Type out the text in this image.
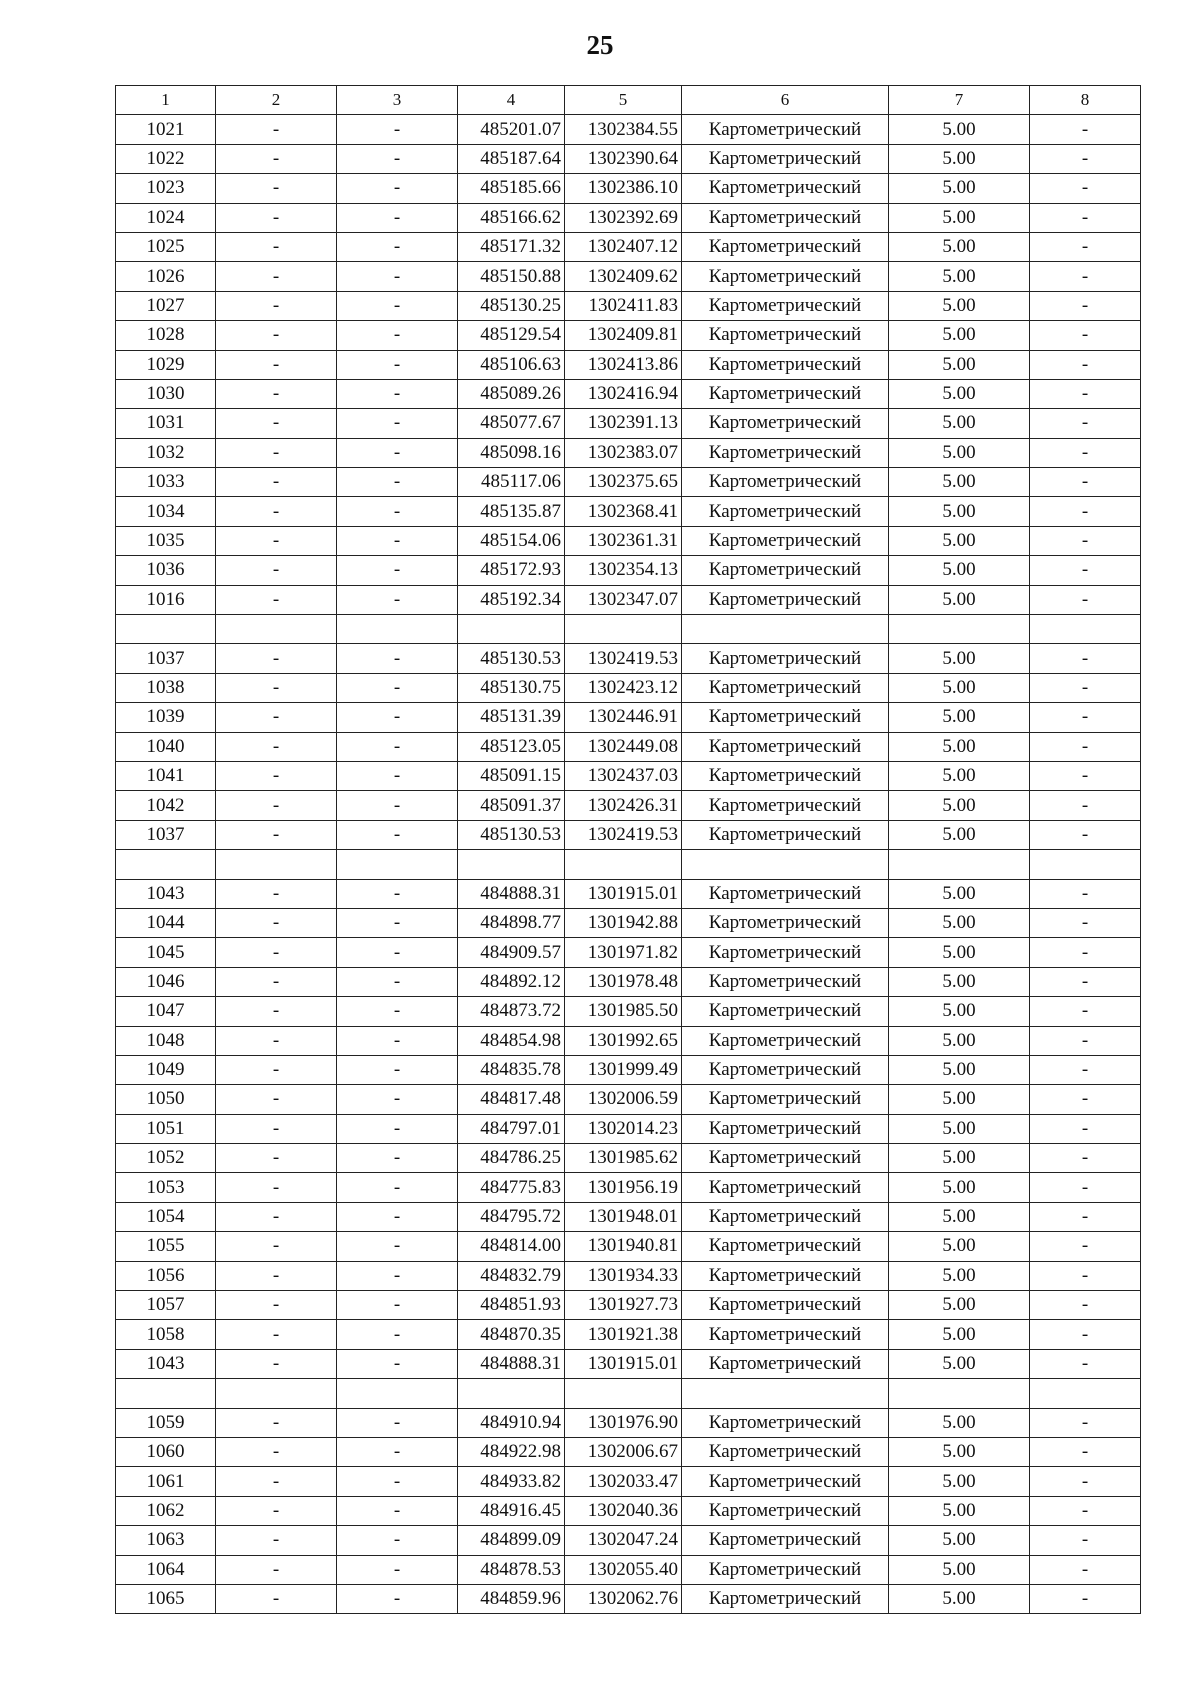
25
1	2	3	4	5	6	7	8
1021	-	-	485201.07	1302384.55	Картометрический	5.00	-
1022	-	-	485187.64	1302390.64	Картометрический	5.00	-
1023	-	-	485185.66	1302386.10	Картометрический	5.00	-
1024	-	-	485166.62	1302392.69	Картометрический	5.00	-
1025	-	-	485171.32	1302407.12	Картометрический	5.00	-
1026	-	-	485150.88	1302409.62	Картометрический	5.00	-
1027	-	-	485130.25	1302411.83	Картометрический	5.00	-
1028	-	-	485129.54	1302409.81	Картометрический	5.00	-
1029	-	-	485106.63	1302413.86	Картометрический	5.00	-
1030	-	-	485089.26	1302416.94	Картометрический	5.00	-
1031	-	-	485077.67	1302391.13	Картометрический	5.00	-
1032	-	-	485098.16	1302383.07	Картометрический	5.00	-
1033	-	-	485117.06	1302375.65	Картометрический	5.00	-
1034	-	-	485135.87	1302368.41	Картометрический	5.00	-
1035	-	-	485154.06	1302361.31	Картометрический	5.00	-
1036	-	-	485172.93	1302354.13	Картометрический	5.00	-
1016	-	-	485192.34	1302347.07	Картометрический	5.00	-

1037	-	-	485130.53	1302419.53	Картометрический	5.00	-
1038	-	-	485130.75	1302423.12	Картометрический	5.00	-
1039	-	-	485131.39	1302446.91	Картометрический	5.00	-
1040	-	-	485123.05	1302449.08	Картометрический	5.00	-
1041	-	-	485091.15	1302437.03	Картометрический	5.00	-
1042	-	-	485091.37	1302426.31	Картометрический	5.00	-
1037	-	-	485130.53	1302419.53	Картометрический	5.00	-

1043	-	-	484888.31	1301915.01	Картометрический	5.00	-
1044	-	-	484898.77	1301942.88	Картометрический	5.00	-
1045	-	-	484909.57	1301971.82	Картометрический	5.00	-
1046	-	-	484892.12	1301978.48	Картометрический	5.00	-
1047	-	-	484873.72	1301985.50	Картометрический	5.00	-
1048	-	-	484854.98	1301992.65	Картометрический	5.00	-
1049	-	-	484835.78	1301999.49	Картометрический	5.00	-
1050	-	-	484817.48	1302006.59	Картометрический	5.00	-
1051	-	-	484797.01	1302014.23	Картометрический	5.00	-
1052	-	-	484786.25	1301985.62	Картометрический	5.00	-
1053	-	-	484775.83	1301956.19	Картометрический	5.00	-
1054	-	-	484795.72	1301948.01	Картометрический	5.00	-
1055	-	-	484814.00	1301940.81	Картометрический	5.00	-
1056	-	-	484832.79	1301934.33	Картометрический	5.00	-
1057	-	-	484851.93	1301927.73	Картометрический	5.00	-
1058	-	-	484870.35	1301921.38	Картометрический	5.00	-
1043	-	-	484888.31	1301915.01	Картометрический	5.00	-

1059	-	-	484910.94	1301976.90	Картометрический	5.00	-
1060	-	-	484922.98	1302006.67	Картометрический	5.00	-
1061	-	-	484933.82	1302033.47	Картометрический	5.00	-
1062	-	-	484916.45	1302040.36	Картометрический	5.00	-
1063	-	-	484899.09	1302047.24	Картометрический	5.00	-
1064	-	-	484878.53	1302055.40	Картометрический	5.00	-
1065	-	-	484859.96	1302062.76	Картометрический	5.00	-
